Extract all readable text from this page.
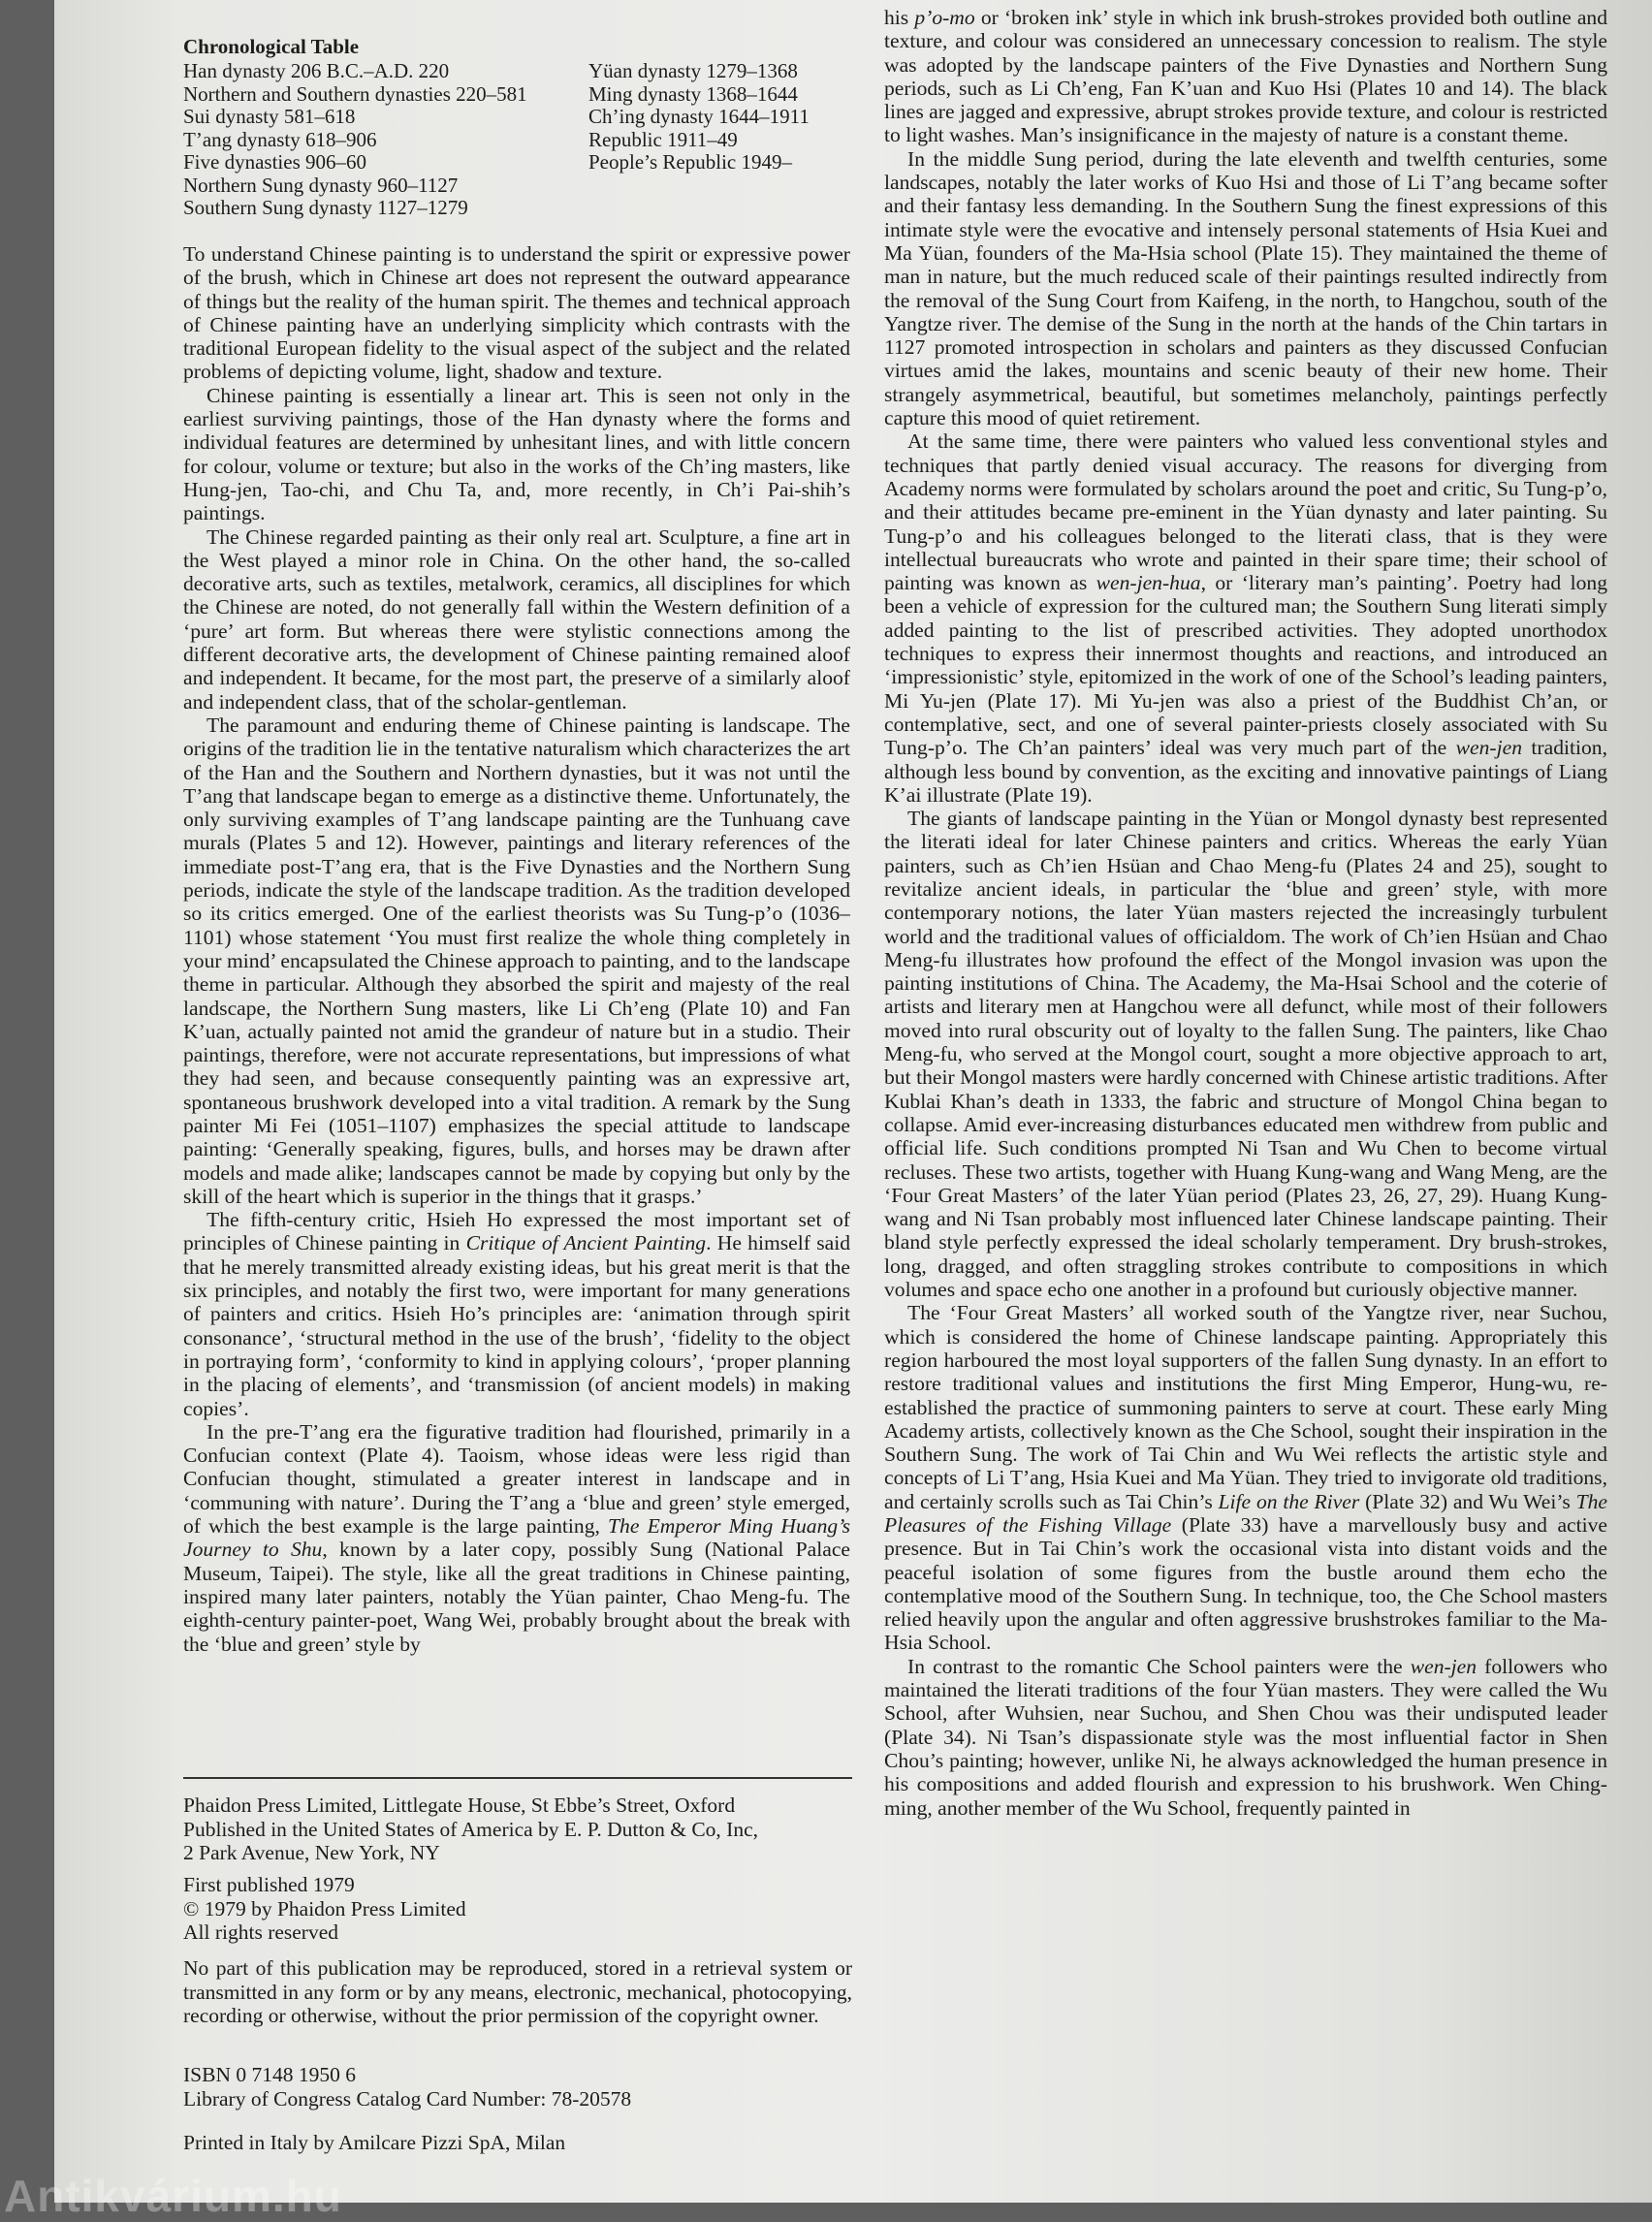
Chronological Table
Han dynasty 206 B.C.–A.D. 220
Northern and Southern dynasties 220–581
Sui dynasty 581–618
T’ang dynasty 618–906
Five dynasties 906–60
Northern Sung dynasty 960–1127
Southern Sung dynasty 1127–1279
Yüan dynasty 1279–1368
Ming dynasty 1368–1644
Ch’ing dynasty 1644–1911
Republic 1911–49
People’s Republic 1949–

To understand Chinese painting is to understand the spirit or expressive power of the brush, which in Chinese art does not represent the outward appearance of things but the reality of the human spirit. The themes and technical approach of Chinese painting have an underlying simplicity which contrasts with the traditional European fidelity to the visual aspect of the subject and the related problems of depicting volume, light, shadow and texture.

Chinese painting is essentially a linear art. This is seen not only in the earliest surviving paintings, those of the Han dynasty where the forms and individual features are determined by unhesitant lines, and with little concern for colour, volume or texture; but also in the works of the Ch’ing masters, like Hung-jen, Tao-chi, and Chu Ta, and, more recently, in Ch’i Pai-shih’s paintings.

The Chinese regarded painting as their only real art. Sculpture, a fine art in the West played a minor role in China. On the other hand, the so-called decorative arts, such as textiles, metalwork, ceramics, all disciplines for which the Chinese are noted, do not generally fall within the Western definition of a ‘pure’ art form. But whereas there were stylistic connections among the different decorative arts, the development of Chinese painting remained aloof and independent. It became, for the most part, the preserve of a similarly aloof and independent class, that of the scholar-gentleman.

The paramount and enduring theme of Chinese painting is landscape. The origins of the tradition lie in the tentative naturalism which characterizes the art of the Han and the Southern and Northern dynasties, but it was not until the T’ang that landscape began to emerge as a distinctive theme. Unfortunately, the only surviving examples of T’ang landscape painting are the Tunhuang cave murals (Plates 5 and 12). However, paintings and literary references of the immediate post-T’ang era, that is the Five Dynasties and the Northern Sung periods, indicate the style of the landscape tradition. As the tradition developed so its critics emerged. One of the earliest theorists was Su Tung-p’o (1036–1101) whose statement ‘You must first realize the whole thing completely in your mind’ encapsulated the Chinese approach to painting, and to the landscape theme in particular. Although they absorbed the spirit and majesty of the real landscape, the Northern Sung masters, like Li Ch’eng (Plate 10) and Fan K’uan, actually painted not amid the grandeur of nature but in a studio. Their paintings, therefore, were not accurate representations, but impressions of what they had seen, and because consequently painting was an expressive art, spontaneous brushwork developed into a vital tradition. A remark by the Sung painter Mi Fei (1051–1107) emphasizes the special attitude to landscape painting: ‘Generally speaking, figures, bulls, and horses may be drawn after models and made alike; landscapes cannot be made by copying but only by the skill of the heart which is superior in the things that it grasps.’

The fifth-century critic, Hsieh Ho expressed the most important set of principles of Chinese painting in Critique of Ancient Painting. He himself said that he merely transmitted already existing ideas, but his great merit is that the six principles, and notably the first two, were important for many generations of painters and critics. Hsieh Ho’s principles are: ‘animation through spirit consonance’, ‘structural method in the use of the brush’, ‘fidelity to the object in portraying form’, ‘conformity to kind in applying colours’, ‘proper planning in the placing of elements’, and ‘transmission (of ancient models) in making copies’.

In the pre-T’ang era the figurative tradition had flourished, primarily in a Confucian context (Plate 4). Taoism, whose ideas were less rigid than Confucian thought, stimulated a greater interest in landscape and in ‘communing with nature’. During the T’ang a ‘blue and green’ style emerged, of which the best example is the large painting, The Emperor Ming Huang’s Journey to Shu, known by a later copy, possibly Sung (National Palace Museum, Taipei). The style, like all the great traditions in Chinese painting, inspired many later painters, notably the Yüan painter, Chao Meng-fu. The eighth-century painter-poet, Wang Wei, probably brought about the break with the ‘blue and green’ style by

Phaidon Press Limited, Littlegate House, St Ebbe’s Street, Oxford

Published in the United States of America by E. P. Dutton & Co, Inc,

2 Park Avenue, New York, NY

First published 1979

© 1979 by Phaidon Press Limited

All rights reserved

No part of this publication may be reproduced, stored in a retrieval system or transmitted in any form or by any means, electronic, mechanical, photocopying, recording or otherwise, without the prior permission of the copyright owner.

ISBN 0 7148 1950 6

Library of Congress Catalog Card Number: 78-20578

Printed in Italy by Amilcare Pizzi SpA, Milan

his p’o-mo or ‘broken ink’ style in which ink brush-strokes provided both outline and texture, and colour was considered an unnecessary concession to realism. The style was adopted by the landscape painters of the Five Dynasties and Northern Sung periods, such as Li Ch’eng, Fan K’uan and Kuo Hsi (Plates 10 and 14). The black lines are jagged and expressive, abrupt strokes provide texture, and colour is restricted to light washes. Man’s insignificance in the majesty of nature is a constant theme.

In the middle Sung period, during the late eleventh and twelfth centuries, some landscapes, notably the later works of Kuo Hsi and those of Li T’ang became softer and their fantasy less demanding. In the Southern Sung the finest expressions of this intimate style were the evocative and intensely personal statements of Hsia Kuei and Ma Yüan, founders of the Ma-Hsia school (Plate 15). They maintained the theme of man in nature, but the much reduced scale of their paintings resulted indirectly from the removal of the Sung Court from Kaifeng, in the north, to Hangchou, south of the Yangtze river. The demise of the Sung in the north at the hands of the Chin tartars in 1127 promoted introspection in scholars and painters as they discussed Confucian virtues amid the lakes, mountains and scenic beauty of their new home. Their strangely asymmetrical, beautiful, but sometimes melancholy, paintings perfectly capture this mood of quiet retirement.

At the same time, there were painters who valued less conventional styles and techniques that partly denied visual accuracy. The reasons for diverging from Academy norms were formulated by scholars around the poet and critic, Su Tung-p’o, and their attitudes became pre-eminent in the Yüan dynasty and later painting. Su Tung-p’o and his colleagues belonged to the literati class, that is they were intellectual bureaucrats who wrote and painted in their spare time; their school of painting was known as wen-jen-hua, or ‘literary man’s painting’. Poetry had long been a vehicle of expression for the cultured man; the Southern Sung literati simply added painting to the list of prescribed activities. They adopted unorthodox techniques to express their innermost thoughts and reactions, and introduced an ‘impressionistic’ style, epitomized in the work of one of the School’s leading painters, Mi Yu-jen (Plate 17). Mi Yu-jen was also a priest of the Buddhist Ch’an, or contemplative, sect, and one of several painter-priests closely associated with Su Tung-p’o. The Ch’an painters’ ideal was very much part of the wen-jen tradition, although less bound by convention, as the exciting and innovative paintings of Liang K’ai illustrate (Plate 19).

The giants of landscape painting in the Yüan or Mongol dynasty best represented the literati ideal for later Chinese painters and critics. Whereas the early Yüan painters, such as Ch’ien Hsüan and Chao Meng-fu (Plates 24 and 25), sought to revitalize ancient ideals, in particular the ‘blue and green’ style, with more contemporary notions, the later Yüan masters rejected the increasingly turbulent world and the traditional values of officialdom. The work of Ch’ien Hsüan and Chao Meng-fu illustrates how profound the effect of the Mongol invasion was upon the painting institutions of China. The Academy, the Ma-Hsai School and the coterie of artists and literary men at Hangchou were all defunct, while most of their followers moved into rural obscurity out of loyalty to the fallen Sung. The painters, like Chao Meng-fu, who served at the Mongol court, sought a more objective approach to art, but their Mongol masters were hardly concerned with Chinese artistic traditions. After Kublai Khan’s death in 1333, the fabric and structure of Mongol China began to collapse. Amid ever-increasing disturbances educated men withdrew from public and official life. Such conditions prompted Ni Tsan and Wu Chen to become virtual recluses. These two artists, together with Huang Kung-wang and Wang Meng, are the ‘Four Great Masters’ of the later Yüan period (Plates 23, 26, 27, 29). Huang Kung-wang and Ni Tsan probably most influenced later Chinese landscape painting. Their bland style perfectly expressed the ideal scholarly temperament. Dry brush-strokes, long, dragged, and often straggling strokes contribute to compositions in which volumes and space echo one another in a profound but curiously objective manner.

The ‘Four Great Masters’ all worked south of the Yangtze river, near Suchou, which is considered the home of Chinese landscape painting. Appropriately this region harboured the most loyal supporters of the fallen Sung dynasty. In an effort to restore traditional values and institutions the first Ming Emperor, Hung-wu, re-established the practice of summoning painters to serve at court. These early Ming Academy artists, collectively known as the Che School, sought their inspiration in the Southern Sung. The work of Tai Chin and Wu Wei reflects the artistic style and concepts of Li T’ang, Hsia Kuei and Ma Yüan. They tried to invigorate old traditions, and certainly scrolls such as Tai Chin’s Life on the River (Plate 32) and Wu Wei’s The Pleasures of the Fishing Village (Plate 33) have a marvellously busy and active presence. But in Tai Chin’s work the occasional vista into distant voids and the peaceful isolation of some figures from the bustle around them echo the contemplative mood of the Southern Sung. In technique, too, the Che School masters relied heavily upon the angular and often aggressive brushstrokes familiar to the Ma-Hsia School.

In contrast to the romantic Che School painters were the wen-jen followers who maintained the literati traditions of the four Yüan masters. They were called the Wu School, after Wuhsien, near Suchou, and Shen Chou was their undisputed leader (Plate 34). Ni Tsan’s dispassionate style was the most influential factor in Shen Chou’s painting; however, unlike Ni, he always acknowledged the human presence in his compositions and added flourish and expression to his brushwork. Wen Ching-ming, another member of the Wu School, frequently painted in

Antikvárium.hu
